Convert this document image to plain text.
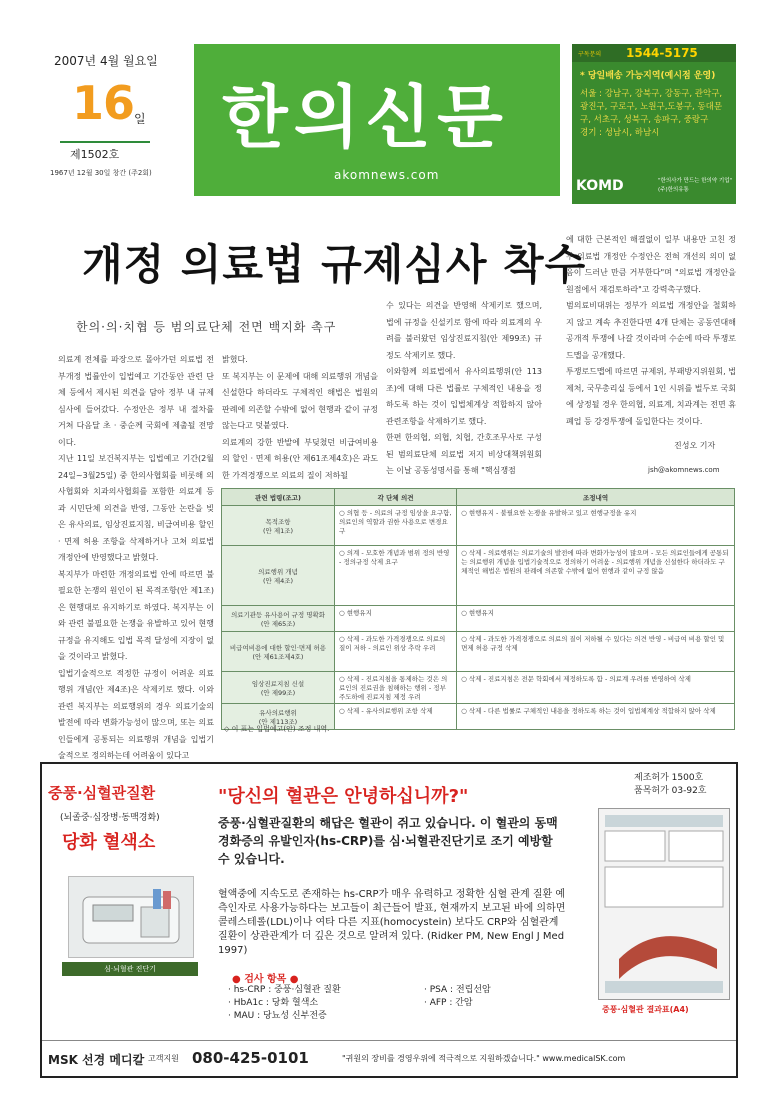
2007년 4월 월요일
16 일
제1502호
1967년 12월 30일 창간 (주2회)
한의신문
akomnews.com
구독문의 1544-5175
* 당일배송 가능지역(예시점 운영)
서울 : 강남구, 강북구, 강동구, 관악구, 광진구, 구로구, 노원구,도봉구, 동대문구, 서초구, 성북구, 송파구, 중랑구
경기 : 성남시, 하남시
KOMD	"한의사가 만드는 한의약 기업" (주)한의유통
개정 의료법 규제심사 착수
한의·의·치협 등 범의료단체 전면 백지화 촉구
의료계 전체를 파장으로 몰아가던 의료법 전부개정 법률안이 입법예고 기간동안 관련 단체 등에서 제시된 의견을 담아 정부 내 규제심사에 들어갔다. 수정안은 정부 내 절차를 거쳐 다음달 초 · 중순께 국회에 제출될 전망이다.
지난 11일 보건복지부는 입법예고 기간(2월24일~3월25일) 중 한의사협회를 비롯해 의사협회와 치과의사협회를 포함한 의료계 등과 시민단체 의견을 반영, 그동안 논란을 빚은 유사의료, 임상진료지침, 비급여비용 할인 · 면제 허용 조항을 삭제하거나 고쳐 의료법 개정안에 반영했다고 밝혔다.
복지부가 마련한 개정의료법 안에 따르면 불필요한 논쟁의 원인이 된 목적조항(안 제1조)은 현행대로 유지하기로 하였다. 복지부는 이와 관련 불필요한 논쟁을 유발하고 있어 현행규정을 유지해도 입법 목적 달성에 지장이 없을 것이라고 밝혔다.
입법기술적으로 적정한 규정이 어려운 의료행위 개념(안 제4조)은 삭제키로 했다. 이와관련 복지부는 의료행위의 경우 의료기술의 발전에 따라 변화가능성이 많으며, 또는 의료인들에게 공통되는 의료행위 개념을 입법기술적으로 정의하는데 어려움이 있다고
밝혔다.
또 복지부는 이 문제에 대해 의료행위 개념을 신설한다 하더라도 구체적인 해법은 법원의 판례에 의존할 수밖에 없어 현행과 같이 규정않는다고 덧붙였다.
의료계의 강한 반발에 부딪쳤던 비급여비용의 할인 · 면제 허용(안 제61조제4호)은 과도한 가격경쟁으로 의료의 질이 저하될
수 있다는 의견을 반영해 삭제키로 했으며, 법에 규정을 신설키로 함에 따라 의료계의 우려를 불러왔던 임상진료지침(안 제99조) 규정도 삭제키로 했다.
이와함께 의료법에서 유사의료행위(안 113조)에 대해 다른 법률로 구체적인 내용을 정하도록 하는 것이 입법체계상 적합하지 않아 관련조항을 삭제하기로 했다.
한편 한의협, 의협, 치협, 간호조무사로 구성된 범의료단체 의료법 저지 비상대책위원회는 이날 공동성명서를 통해 "핵심쟁점
에 대한 근본적인 해결없이 일부 내용만 고친 정부 의료법 개정안 수정안은 전혀 개선의 의미 없음이 드러난 만큼 거부한다"며 "의료법 개정안을 원점에서 재검토하라"고 강력촉구했다.
범의료비대위는 정부가 의료법 개정안을 철회하지 않고 계속 추진한다면 4개 단체는 공동연대해 공개적 투쟁에 나갈 것이라며 수순에 따라 투쟁로드맵을 공개했다.
투쟁로드맵에 따르면 규제위, 부패방지위원회, 법제처, 국무총리실 등에서 1인 시위를 벌두로 국회에 상정될 경우 한의협, 의료계, 치과계는 전면 휴폐업 등 강경투쟁에 돌입한다는 것이다.
진성오 기자
jsh@akomnews.com
관련 법령(조고)	각 단체 의견	조정내역
목적조항
(안 제1조)	○ 의협 등 - 의료의 규정 임상을 요구함, 의료인의 역할과 권한 사용으로 변경요구	○ 현행유지 - 불필요한 논쟁을 유발하고 있고 현행규정을 유지
의료행위 개념
(안 제4조)	○ 의계 - 모호한 개념과 범위 정의 반영 - 정의규정 삭제 요구	○ 삭제 - 의료행위는 의료기술의 발전에 따라 변화가능성이 많으며 - 모든 의료인들에게 공통되는 의료행위 개념을 입법기술적으로 정의하기 어려움 - 의료행위 개념을 신설한다 하더라도 구체적인 해법은 법원의 판례에 의존할 수밖에 없어 현행과 같이 규정 않음
의료기관등 유사용어 규정 명확화 (안 제65조)	○ 현행유지	○ 현행유지
비급여비용에 대한 할인·면제 허용
(안 제61조제4호)	○ 삭제 - 과도한 가격경쟁으로 의료의 질이 저하 - 의료인 위상 추락 우려	○ 삭제 - 과도한 가격경쟁으로 의료의 질이 저하될 수 있다는 의견 반영 - 비급여 비용 할인 및 면제 허용 규정 삭제
임상진료지침 신설
(안 제99조)	○ 삭제 - 진료지침을 통제하는 것은 의료인의 진료권을 침해하는 행위 - 정부 주도하에 진료지침 제정 우려	○ 삭제 - 진료지침은 전문 학회에서 제정하도록 함 - 의료계 우려를 반영하여 삭제
유사의료행위
(안 제113조)	○ 삭제 - 유사의료행위 조항 삭제	○ 삭제 - 다른 법률로 구체적인 내용을 정하도록 하는 것이 입법체계상 적합하지 않아 삭제
◇ 이 표는 입법예고(안) 조정 내역.
중풍·심혈관질환
(뇌졸중·심장병·동맥경화)
당화 혈색소
심·뇌혈관 진단기
"당신의 혈관은 안녕하십니까?"
중풍·심혈관질환의 해답은 혈관이 쥐고 있습니다. 이 혈관의 동맥경화증의 유발인자(hs-CRP)를 심·뇌혈관진단기로 조기 예방할 수 있습니다.
혈액중에 지속도로 존재하는 hs-CRP가 매우 유력하고 정확한 심혈 관계 질환 예측인자로 사용가능하다는 보고들이 최근들어 발표, 현재까지 보고된 바에 의하면 콜레스테롤(LDL)이나 여타 다른 지표(homocystein) 보다도 CRP와 심혈관계 질환이 상관관계가 더 깊은 것으로 알려져 있다. (Ridker PM, New Engl J Med 1997)
● 검사 항목 ●
· hs-CRP : 중풍·심혈관 질환
· HbA1c : 당화 혈색소
· MAU : 당뇨성 신부전증
· PSA : 전립선암
· AFP : 간암
제조허가 1500호
품목허가 03-92호
중풍·심혈관 결과표(A4)
MSK 선경 메디칼 고객지원 080-425-0101	"귀원의 장비를 경영우위에 적극적으로 지원하겠습니다." www.medicalSK.com
